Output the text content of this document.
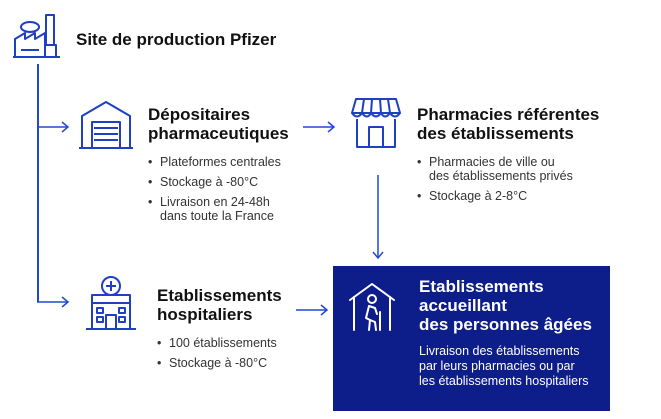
Site de production Pfizer
Dépositaires
pharmaceutiques
• Plateformes centrales
• Stockage à -80°C
• Livraison en 24-48h
dans toute la France
Pharmacies référentes
des établissements
• Pharmacies de ville ou
des établissements privés
• Stockage à 2-8°C
Etablissements
hospitaliers
• 100 établissements
• Stockage à -80°C
Etablissements
accueillant
des personnes âgées
Livraison des établissements
par leurs pharmacies ou par
les établissements hospitaliers
